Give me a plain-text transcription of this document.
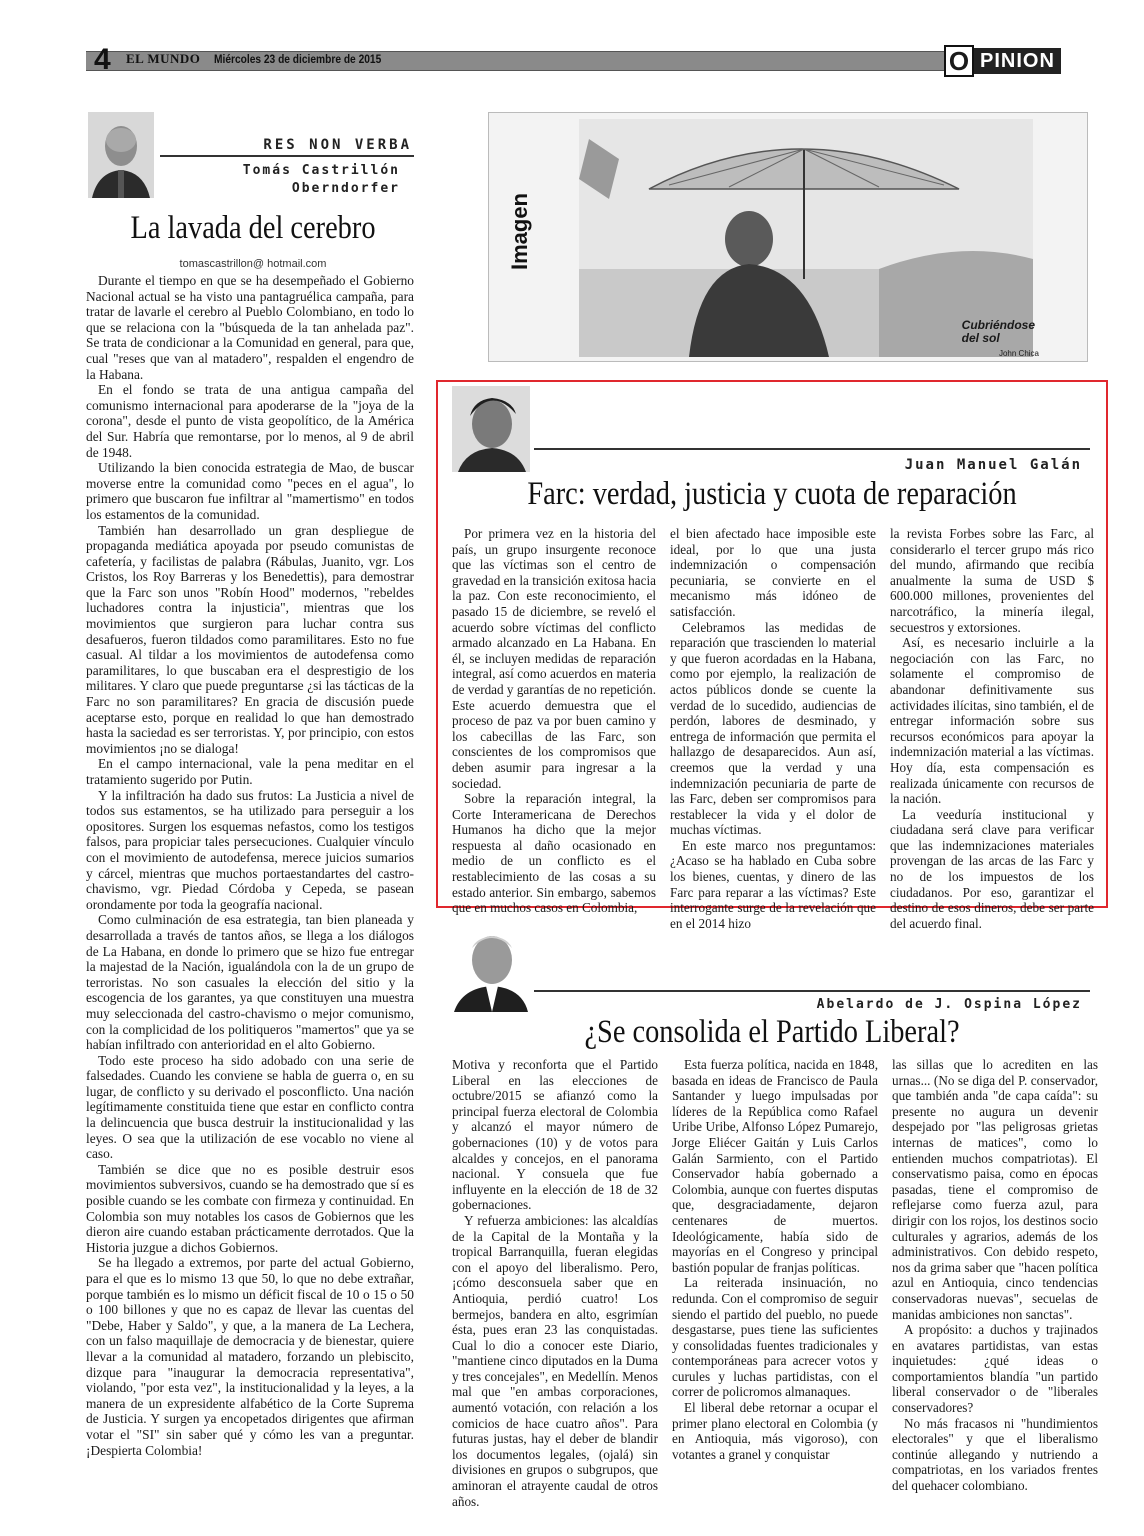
4 EL MUNDO Miércoles 23 de diciembre de 2015	O PINION
RES NON VERBA
Tomás Castrillón
Oberndorfer
La lavada del cerebro
tomascastrillon@ hotmail.com

Durante el tiempo en que se ha desempeñado el Gobierno Nacional actual se ha visto una pantagruélica campaña, para tratar de lavarle el cerebro al Pueblo Colombiano, en todo lo que se relaciona con la "búsqueda de la tan anhelada paz". Se trata de condicionar a la Comunidad en general, para que, cual "reses que van al matadero", respalden el engendro de la Habana.

En el fondo se trata de una antigua campaña del comunismo internacional para apoderarse de la "joya de la corona", desde el punto de vista geopolítico, de la América del Sur. Habría que remontarse, por lo menos, al 9 de abril de 1948.

Utilizando la bien conocida estrategia de Mao, de buscar moverse entre la comunidad como "peces en el agua", lo primero que buscaron fue infiltrar al "mamertismo" en todos los estamentos de la comunidad.

También han desarrollado un gran despliegue de propaganda mediática apoyada por pseudo comunistas de cafetería, y facilistas de palabra (Rábulas, Juanito, vgr. Los Cristos, los Roy Barreras y los Benedettis), para demostrar que la Farc son unos "Robín Hood" modernos, "rebeldes luchadores contra la injusticia", mientras que los movimientos que surgieron para luchar contra sus desafueros, fueron tildados como paramilitares. Esto no fue casual. Al tildar a los movimientos de autodefensa como paramilitares, lo que buscaban era el desprestigio de los militares. Y claro que puede preguntarse ¿si las tácticas de la Farc no son paramilitares? En gracia de discusión puede aceptarse esto, porque en realidad lo que han demostrado hasta la saciedad es ser terroristas. Y, por principio, con estos movimientos ¡no se dialoga!

En el campo internacional, vale la pena meditar en el tratamiento sugerido por Putin.

Y la infiltración ha dado sus frutos: La Justicia a nivel de todos sus estamentos, se ha utilizado para perseguir a los opositores. Surgen los esquemas nefastos, como los testigos falsos, para propiciar tales persecuciones. Cualquier vínculo con el movimiento de autodefensa, merece juicios sumarios y cárcel, mientras que muchos portaestandartes del castro-chavismo, vgr. Piedad Córdoba y Cepeda, se pasean orondamente por toda la geografía nacional.

Como culminación de esa estrategia, tan bien planeada y desarrollada a través de tantos años, se llega a los diálogos de La Habana, en donde lo primero que se hizo fue entregar la majestad de la Nación, igualándola con la de un grupo de terroristas. No son casuales la elección del sitio y la escogencia de los garantes, ya que constituyen una muestra muy seleccionada del castro-chavismo o mejor comunismo, con la complicidad de los politiqueros "mamertos" que ya se habían infiltrado con anterioridad en el alto Gobierno.

Todo este proceso ha sido adobado con una serie de falsedades. Cuando les conviene se habla de guerra o, en su lugar, de conflicto y su derivado el posconflicto. Una nación legítimamente constituida tiene que estar en conflicto contra la delincuencia que busca destruir la institucionalidad y las leyes. O sea que la utilización de ese vocablo no viene al caso.

También se dice que no es posible destruir esos movimientos subversivos, cuando se ha demostrado que sí es posible cuando se les combate con firmeza y continuidad. En Colombia son muy notables los casos de Gobiernos que les dieron aire cuando estaban prácticamente derrotados. Que la Historia juzgue a dichos Gobiernos.

Se ha llegado a extremos, por parte del actual Gobierno, para el que es lo mismo 13 que 50, lo que no debe extrañar, porque también es lo mismo un déficit fiscal de 10 o 15 o 50 o 100 billones y que no es capaz de llevar las cuentas del "Debe, Haber y Saldo", y que, a la manera de La Lechera, con un falso maquillaje de democracia y de bienestar, quiere llevar a la comunidad al matadero, forzando un plebiscito, dizque para "inaugurar la democracia representativa", violando, "por esta vez", la institucionalidad y la leyes, a la manera de un expresidente alfabético de la Corte Suprema de Justicia. Y surgen ya encopetados dirigentes que afirman votar el "SI" sin saber qué y cómo les van a preguntar. ¡Despierta Colombia!

Imagen
Cubriéndose
del sol
John Chica
Juan Manuel Galán
Farc: verdad, justicia y cuota de reparación

Por primera vez en la historia del país, un grupo insurgente reconoce que las víctimas son el centro de gravedad en la transición exitosa hacia la paz. Con este reconocimiento, el pasado 15 de diciembre, se reveló el acuerdo sobre víctimas del conflicto armado alcanzado en La Habana. En él, se incluyen medidas de reparación integral, así como acuerdos en materia de verdad y garantías de no repetición. Este acuerdo demuestra que el proceso de paz va por buen camino y los cabecillas de las Farc, son conscientes de los compromisos que deben asumir para ingresar a la sociedad.

Sobre la reparación integral, la Corte Interamericana de Derechos Humanos ha dicho que la mejor respuesta al daño ocasionado en medio de un conflicto es el restablecimiento de las cosas a su estado anterior. Sin embargo, sabemos que en muchos casos en Colombia,

el bien afectado hace imposible este ideal, por lo que una justa indemnización o compensación pecuniaria, se convierte en el mecanismo más idóneo de satisfacción.

Celebramos las medidas de reparación que trascienden lo material y que fueron acordadas en la Habana, como por ejemplo, la realización de actos públicos donde se cuente la verdad de lo sucedido, audiencias de perdón, labores de desminado, y entrega de información que permita el hallazgo de desaparecidos. Aun así, creemos que la verdad y una indemnización pecuniaria de parte de las Farc, deben ser compromisos para restablecer la vida y el dolor de muchas víctimas.

En este marco nos preguntamos: ¿Acaso se ha hablado en Cuba sobre los bienes, cuentas, y dinero de las Farc para reparar a las víctimas? Este interrogante surge de la revelación que en el 2014 hizo

la revista Forbes sobre las Farc, al considerarlo el tercer grupo más rico del mundo, afirmando que recibía anualmente la suma de USD $ 600.000 millones, provenientes del narcotráfico, la minería ilegal, secuestros y extorsiones.

Así, es necesario incluirle a la negociación con las Farc, no solamente el compromiso de abandonar definitivamente sus actividades ilícitas, sino también, el de entregar información sobre sus recursos económicos para apoyar la indemnización material a las víctimas. Hoy día, esta compensación es realizada únicamente con recursos de la nación.

La veeduría institucional y ciudadana será clave para verificar que las indemnizaciones materiales provengan de las arcas de las Farc y no de los impuestos de los ciudadanos. Por eso, garantizar el destino de esos dineros, debe ser parte del acuerdo final.

Abelardo de J. Ospina López
¿Se consolida el Partido Liberal?

Motiva y reconforta que el Partido Liberal en las elecciones de octubre/2015 se afianzó como la principal fuerza electoral de Colombia y alcanzó el mayor número de gobernaciones (10) y de votos para alcaldes y concejos, en el panorama nacional. Y consuela que fue influyente en la elección de 18 de 32 gobernaciones.

Y refuerza ambiciones: las alcaldías de la Capital de la Montaña y la tropical Barranquilla, fueran elegidas con el apoyo del liberalismo. Pero, ¡cómo desconsuela saber que en Antioquia, perdió cuatro! Los bermejos, bandera en alto, esgrimían ésta, pues eran 23 las conquistadas. Cual lo dio a conocer este Diario, "mantiene cinco diputados en la Duma y tres concejales", en Medellín. Menos mal que "en ambas corporaciones, aumentó votación, con relación a los comicios de hace cuatro años". Para futuras justas, hay el deber de blandir los documentos legales, (ojalá) sin divisiones en grupos o subgrupos, que aminoran el atrayente caudal de otros años.

Esta fuerza política, nacida en 1848, basada en ideas de Francisco de Paula Santander y luego impulsadas por líderes de la República como Rafael Uribe Uribe, Alfonso López Pumarejo, Jorge Eliécer Gaitán y Luis Carlos Galán Sarmiento, con el Partido Conservador había gobernado a Colombia, aunque con fuertes disputas que, desgraciadamente, dejaron centenares de muertos. Ideológicamente, había sido de mayorías en el Congreso y principal bastión popular de franjas políticas.

La reiterada insinuación, no redunda. Con el compromiso de seguir siendo el partido del pueblo, no puede desgastarse, pues tiene las suficientes y consolidadas fuentes tradicionales y contemporáneas para acrecer votos y curules y luchas partidistas, con el correr de policromos almanaques.

El liberal debe retornar a ocupar el primer plano electoral en Colombia (y en Antioquia, más vigoroso), con votantes a granel y conquistar

las sillas que lo acrediten en las urnas... (No se diga del P. conservador, que también anda "de capa caída": su presente no augura un devenir despejado por "las peligrosas grietas internas de matices", como lo entienden muchos compatriotas). El conservatismo paisa, como en épocas pasadas, tiene el compromiso de reflejarse como fuerza azul, para dirigir con los rojos, los destinos socio culturales y agrarios, además de los administrativos. Con debido respeto, nos da grima saber que "hacen política azul en Antioquia, cinco tendencias conservadoras nuevas", secuelas de manidas ambiciones non sanctas".

A propósito: a duchos y trajinados en avatares partidistas, van estas inquietudes: ¿qué ideas o comportamientos blandía "un partido liberal conservador o de "liberales conservadores?

No más fracasos ni "hundimientos electorales" y que el liberalismo continúe allegando y nutriendo a compatriotas, en los variados frentes del quehacer colombiano.
